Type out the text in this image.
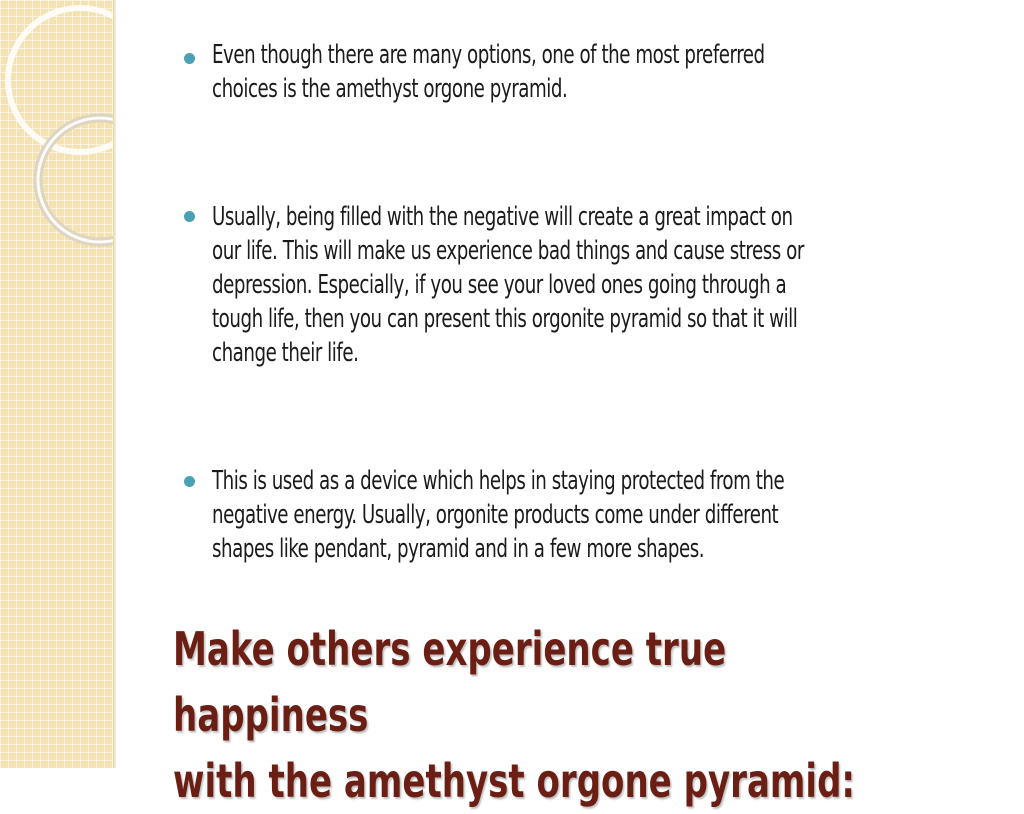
Even though there are many options, one of the most preferred
choices is the amethyst orgone pyramid.
Usually, being filled with the negative will create a great impact on
our life. This will make us experience bad things and cause stress or
depression. Especially, if you see your loved ones going through a
tough life, then you can present this orgonite pyramid so that it will
change their life.
This is used as a device which helps in staying protected from the
negative energy. Usually, orgonite products come under different
shapes like pendant, pyramid and in a few more shapes.
Make others experience true happiness
with the amethyst orgone pyramid:
